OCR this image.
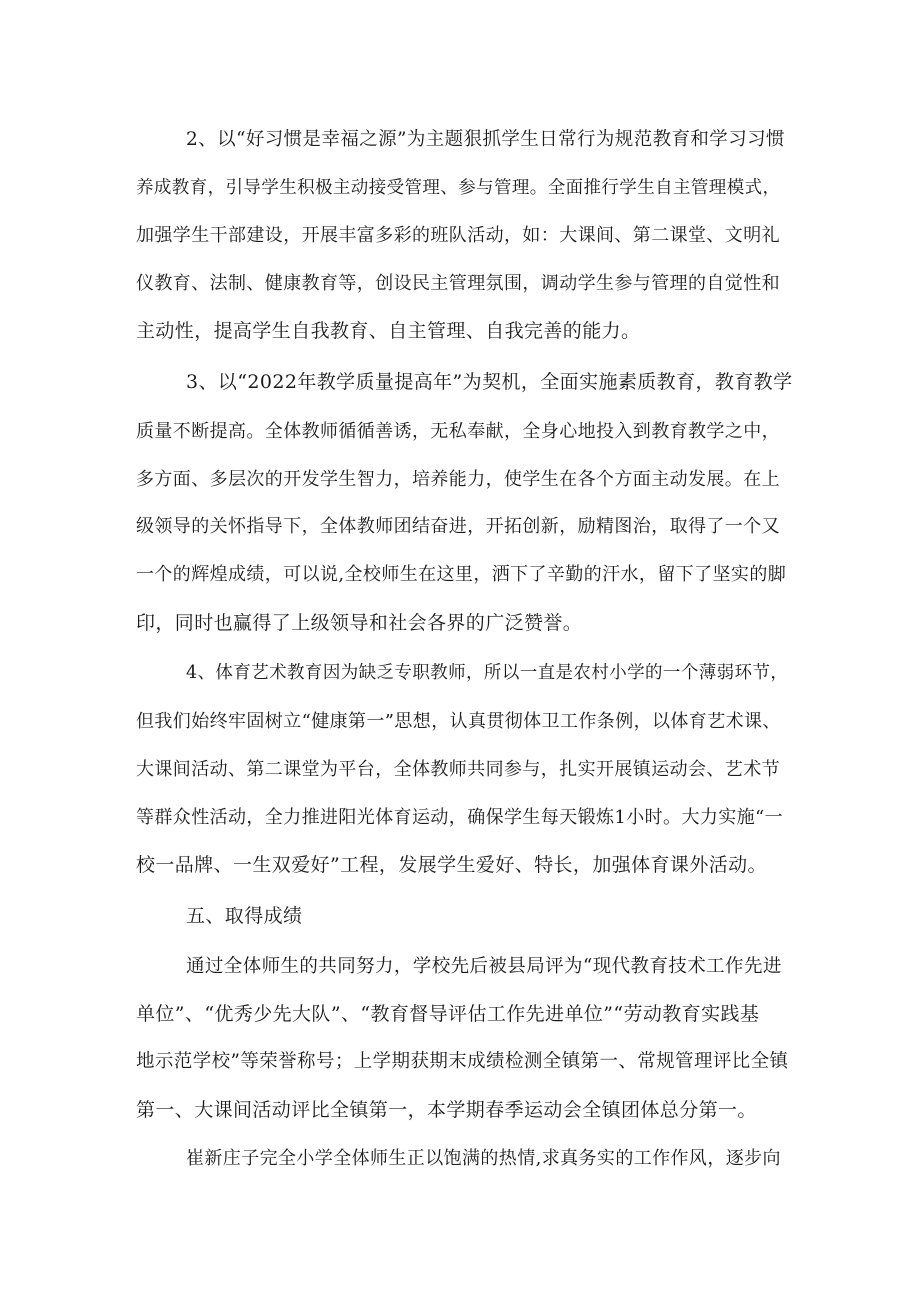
2、以“好习惯是幸福之源”为主题狠抓学生日常行为规范教育和学习习惯
养成教育，引导学生积极主动接受管理、参与管理。全面推行学生自主管理模式，
加强学生干部建设，开展丰富多彩的班队活动，如：大课间、第二课堂、文明礼
仪教育、法制、健康教育等，创设民主管理氛围，调动学生参与管理的自觉性和
主动性，提高学生自我教育、自主管理、自我完善的能力。
3、以“2022年教学质量提高年”为契机，全面实施素质教育，教育教学
质量不断提高。全体教师循循善诱，无私奉献，全身心地投入到教育教学之中，
多方面、多层次的开发学生智力，培养能力，使学生在各个方面主动发展。在上
级领导的关怀指导下，全体教师团结奋进，开拓创新，励精图治，取得了一个又
一个的辉煌成绩，可以说,全校师生在这里，洒下了辛勤的汗水，留下了坚实的脚
印，同时也赢得了上级领导和社会各界的广泛赞誉。
4、体育艺术教育因为缺乏专职教师，所以一直是农村小学的一个薄弱环节，
但我们始终牢固树立“健康第一”思想，认真贯彻体卫工作条例，以体育艺术课、
大课间活动、第二课堂为平台，全体教师共同参与，扎实开展镇运动会、艺术节
等群众性活动，全力推进阳光体育运动，确保学生每天锻炼1小时。大力实施“一
校一品牌、一生双爱好”工程，发展学生爱好、特长，加强体育课外活动。
五、取得成绩
通过全体师生的共同努力，学校先后被县局评为“现代教育技术工作先进
单位”、“优秀少先大队”、“教育督导评估工作先进单位”“劳动教育实践基
地示范学校”等荣誉称号；上学期获期末成绩检测全镇第一、常规管理评比全镇
第一、大课间活动评比全镇第一，本学期春季运动会全镇团体总分第一。
崔新庄子完全小学全体师生正以饱满的热情,求真务实的工作作风，逐步向
